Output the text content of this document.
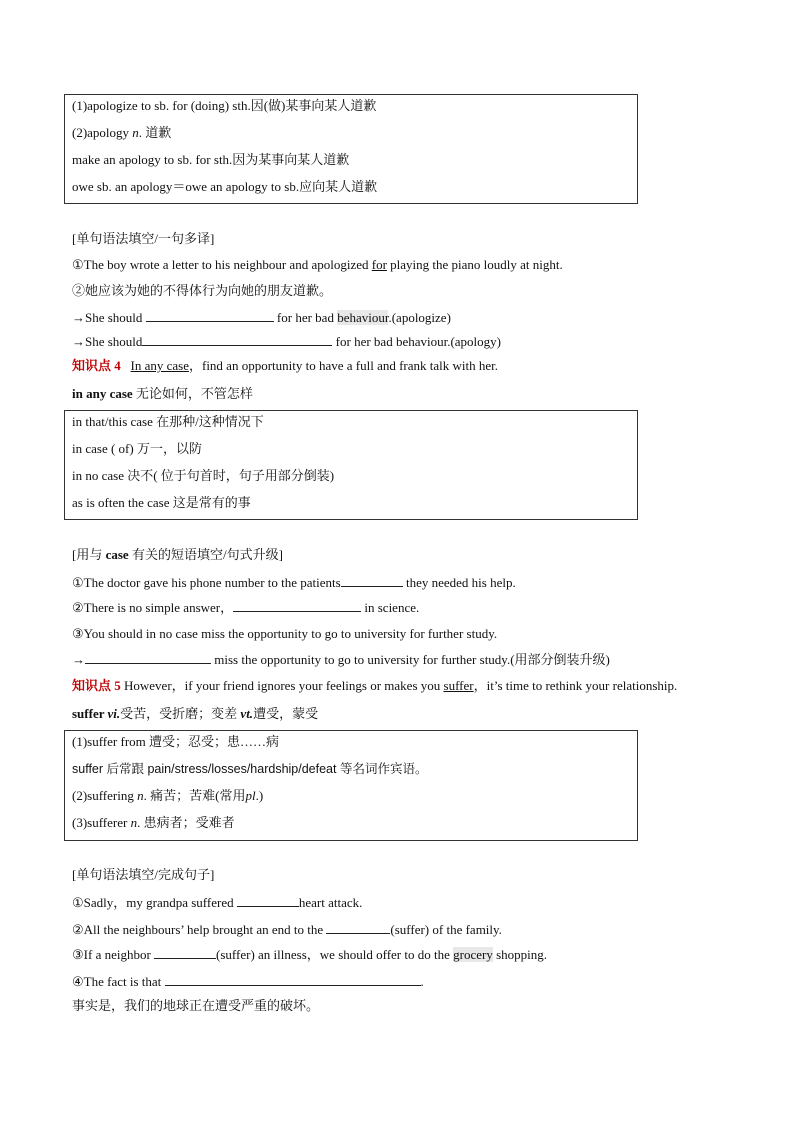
(1)apologize to sb. for (doing) sth.因(做)某事向某人道歉
(2)apology n. 道歉
make an apology to sb. for sth.因为某事向某人道歉
owe sb. an apology＝owe an apology to sb.应向某人道歉
[单句语法填空/一句多译]
①The boy wrote a letter to his neighbour and apologized for playing the piano loudly at night.
②她应该为她的不得体行为向她的朋友道歉。
→She should	for her bad behaviour.(apologize)
→She should	for her bad behaviour.(apology)
知识点 4 In any case，find an opportunity to have a full and frank talk with her.
in any case 无论如何，不管怎样
in that/this case 在那种/这种情况下
in case ( of) 万一，以防
in no case 决不( 位于句首时，句子用部分倒装)
as is often the case 这是常有的事
[用与 case 有关的短语填空/句式升级]
①The doctor gave his phone number to the patients	they needed his help.
②There is no simple answer，	in science.
③You should in no case miss the opportunity to go to university for further study.
→	miss the opportunity to go to university for further study.(用部分倒装升级)
知识点 5 However，if your friend ignores your feelings or makes you suffer，it’s time to rethink your relationship.
suffer vi.受苦，受折磨；变差 vt.遭受，蒙受
(1)suffer from 遭受；忍受；患……病
suffer 后常跟 pain/stress/losses/hardship/defeat 等名词作宾语。
(2)suffering n. 痛苦；苦难(常用pl.)
(3)sufferer n. 患病者；受难者
[单句语法填空/完成句子]
①Sadly，my grandpa suffered	heart attack.
②All the neighbours’ help brought an end to the	(suffer) of the family.
③If a neighbor	(suffer) an illness，we should offer to do the grocery shopping.
④The fact is that	.
事实是，我们的地球正在遭受严重的破坏。
